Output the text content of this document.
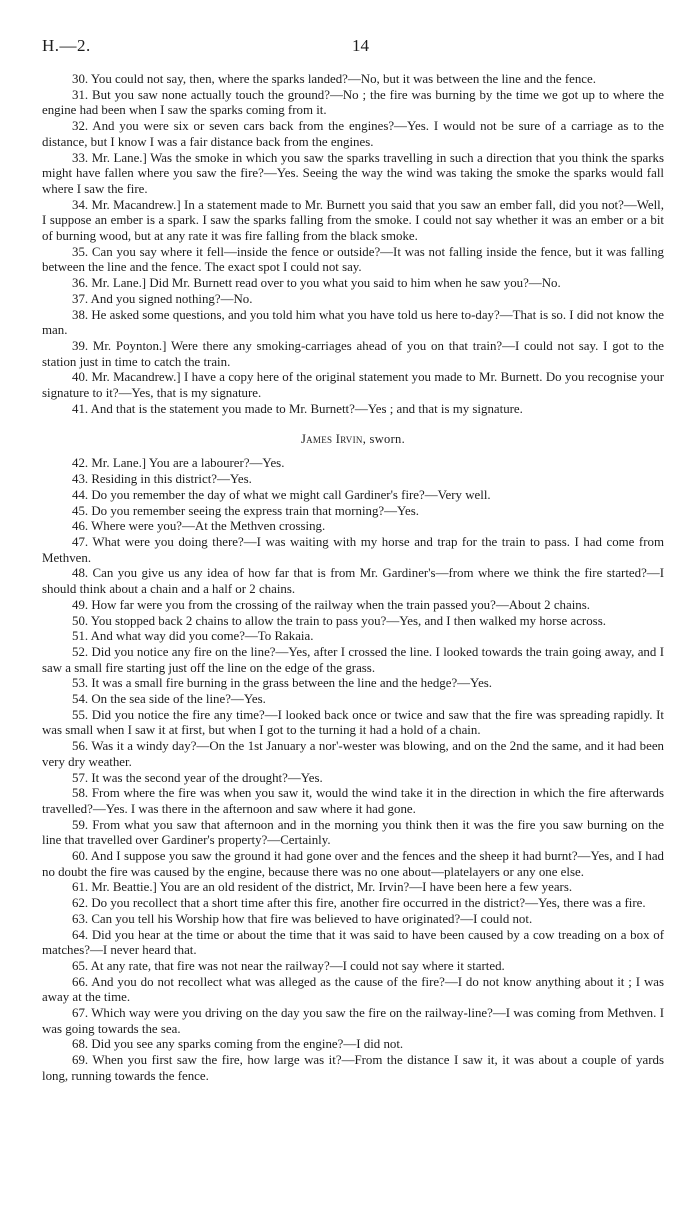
H.—2.	14

30. You could not say, then, where the sparks landed?—No, but it was between the line and the fence.

31. But you saw none actually touch the ground?—No ; the fire was burning by the time we got up to where the engine had been when I saw the sparks coming from it.

32. And you were six or seven cars back from the engines?—Yes. I would not be sure of a carriage as to the distance, but I know I was a fair distance back from the engines.

33. Mr. Lane.] Was the smoke in which you saw the sparks travelling in such a direction that you think the sparks might have fallen where you saw the fire?—Yes. Seeing the way the wind was taking the smoke the sparks would fall where I saw the fire.

34. Mr. Macandrew.] In a statement made to Mr. Burnett you said that you saw an ember fall, did you not?—Well, I suppose an ember is a spark. I saw the sparks falling from the smoke. I could not say whether it was an ember or a bit of burning wood, but at any rate it was fire falling from the black smoke.

35. Can you say where it fell—inside the fence or outside?—It was not falling inside the fence, but it was falling between the line and the fence. The exact spot I could not say.

36. Mr. Lane.] Did Mr. Burnett read over to you what you said to him when he saw you?—No.

37. And you signed nothing?—No.

38. He asked some questions, and you told him what you have told us here to-day?—That is so. I did not know the man.

39. Mr. Poynton.] Were there any smoking-carriages ahead of you on that train?—I could not say. I got to the station just in time to catch the train.

40. Mr. Macandrew.] I have a copy here of the original statement you made to Mr. Burnett. Do you recognise your signature to it?—Yes, that is my signature.

41. And that is the statement you made to Mr. Burnett?—Yes ; and that is my signature.

James Irvin, sworn.

42. Mr. Lane.] You are a labourer?—Yes.

43. Residing in this district?—Yes.

44. Do you remember the day of what we might call Gardiner's fire?—Very well.

45. Do you remember seeing the express train that morning?—Yes.

46. Where were you?—At the Methven crossing.

47. What were you doing there?—I was waiting with my horse and trap for the train to pass. I had come from Methven.

48. Can you give us any idea of how far that is from Mr. Gardiner's—from where we think the fire started?—I should think about a chain and a half or 2 chains.

49. How far were you from the crossing of the railway when the train passed you?—About 2 chains.

50. You stopped back 2 chains to allow the train to pass you?—Yes, and I then walked my horse across.

51. And what way did you come?—To Rakaia.

52. Did you notice any fire on the line?—Yes, after I crossed the line. I looked towards the train going away, and I saw a small fire starting just off the line on the edge of the grass.

53. It was a small fire burning in the grass between the line and the hedge?—Yes.

54. On the sea side of the line?—Yes.

55. Did you notice the fire any time?—I looked back once or twice and saw that the fire was spreading rapidly. It was small when I saw it at first, but when I got to the turning it had a hold of a chain.

56. Was it a windy day?—On the 1st January a nor'-wester was blowing, and on the 2nd the same, and it had been very dry weather.

57. It was the second year of the drought?—Yes.

58. From where the fire was when you saw it, would the wind take it in the direction in which the fire afterwards travelled?—Yes. I was there in the afternoon and saw where it had gone.

59. From what you saw that afternoon and in the morning you think then it was the fire you saw burning on the line that travelled over Gardiner's property?—Certainly.

60. And I suppose you saw the ground it had gone over and the fences and the sheep it had burnt?—Yes, and I had no doubt the fire was caused by the engine, because there was no one about—platelayers or any one else.

61. Mr. Beattie.] You are an old resident of the district, Mr. Irvin?—I have been here a few years.

62. Do you recollect that a short time after this fire, another fire occurred in the district?—Yes, there was a fire.

63. Can you tell his Worship how that fire was believed to have originated?—I could not.

64. Did you hear at the time or about the time that it was said to have been caused by a cow treading on a box of matches?—I never heard that.

65. At any rate, that fire was not near the railway?—I could not say where it started.

66. And you do not recollect what was alleged as the cause of the fire?—I do not know anything about it ; I was away at the time.

67. Which way were you driving on the day you saw the fire on the railway-line?—I was coming from Methven. I was going towards the sea.

68. Did you see any sparks coming from the engine?—I did not.

69. When you first saw the fire, how large was it?—From the distance I saw it, it was about a couple of yards long, running towards the fence.
